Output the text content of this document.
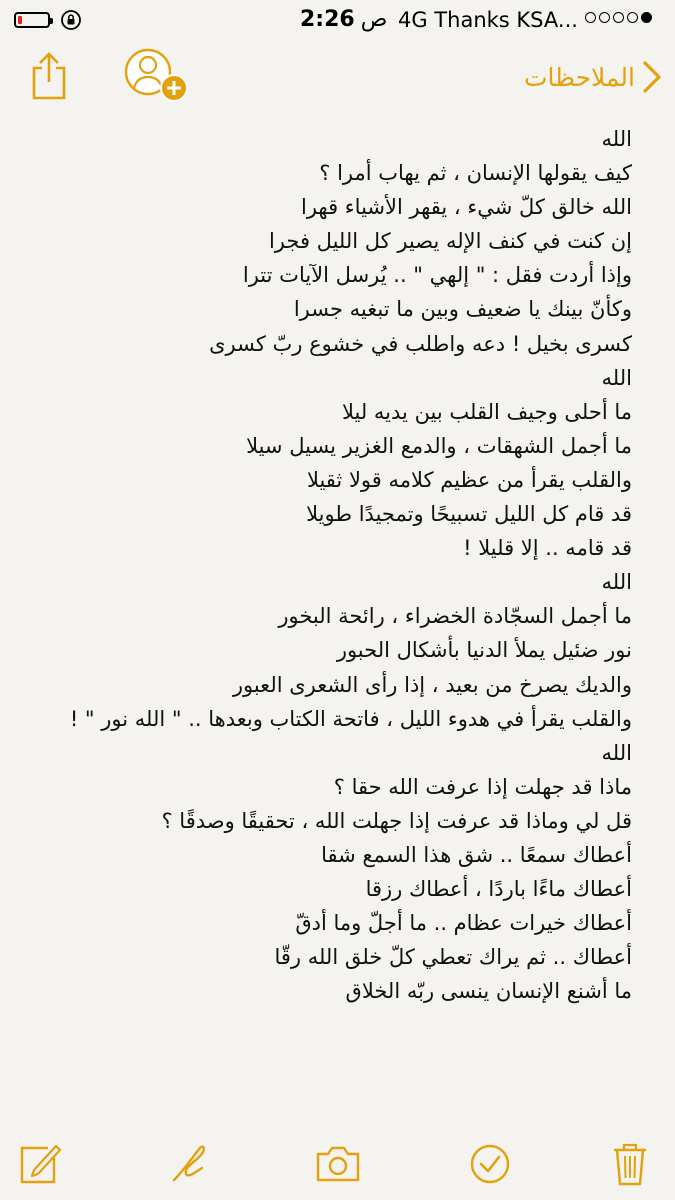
2:26 ص 4G Thanks KSA...
الملاحظات
الله
كيف يقولها الإنسان ، ثم يهاب أمرا ؟
الله خالق كلّ شيء ، يقهر الأشياء قهرا
إن كنت في كنف الإله يصير كل الليل فجرا
وإذا أردت فقل : " إلهي " .. يُرسل الآيات تترا
وكأنّ بينك يا ضعيف وبين ما تبغيه جسرا
كسرى بخيل ! دعه واطلب في خشوع ربّ كسرى
الله
ما أحلى وجيف القلب بين يديه ليلا
ما أجمل الشهقات ، والدمع الغزير يسيل سيلا
والقلب يقرأ من عظيم كلامه قولا ثقيلا
قد قام كل الليل تسبيحًا وتمجيدًا طويلا
قد قامه .. إلا قليلا !
الله
ما أجمل السجّادة الخضراء ، رائحة البخور
نور ضئيل يملأ الدنيا بأشكال الحبور
والديك يصرخ من بعيد ، إذا رأى الشعرى العبور
والقلب يقرأ في هدوء الليل ، فاتحة الكتاب وبعدها .. " الله نور " !
الله
ماذا قد جهلت إذا عرفت الله حقا ؟
قل لي وماذا قد عرفت إذا جهلت الله ، تحقيقًا وصدقًا ؟
أعطاك سمعًا .. شق هذا السمع شقا
أعطاك ماءًا باردًا ، أعطاك رزقا
أعطاك خيرات عظام .. ما أجلّ وما أدقّ
أعطاك .. ثم يراك تعطي كلّ خلق الله رقّا
ما أشنع الإنسان ينسى ربّه الخلاق
